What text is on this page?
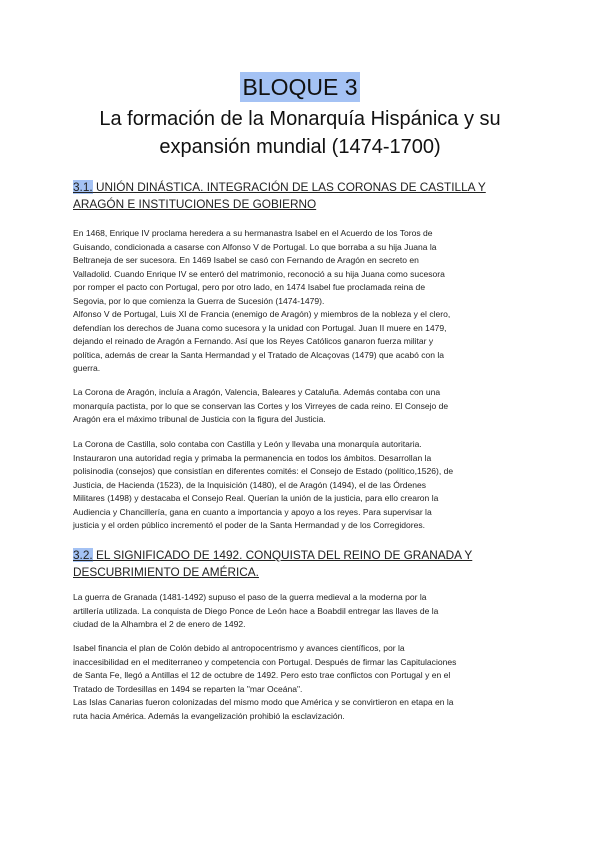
BLOQUE 3
La formación de la Monarquía Hispánica y su
expansión mundial (1474-1700)
3.1. UNIÓN DINÁSTICA. INTEGRACIÓN DE LAS CORONAS DE CASTILLA Y
ARAGÓN E INSTITUCIONES DE GOBIERNO

En 1468, Enrique IV proclama heredera a su hermanastra Isabel en el Acuerdo de los Toros de
Guisando, condicionada a casarse con Alfonso V de Portugal. Lo que borraba a su hija Juana la
Beltraneja de ser sucesora. En 1469 Isabel se casó con Fernando de Aragón en secreto en
Valladolid. Cuando Enrique IV se enteró del matrimonio, reconoció a su hija Juana como sucesora
por romper el pacto con Portugal, pero por otro lado, en 1474 Isabel fue proclamada reina de
Segovia, por lo que comienza la Guerra de Sucesión (1474-1479).
Alfonso V de Portugal, Luis XI de Francia (enemigo de Aragón) y miembros de la nobleza y el clero,
defendían los derechos de Juana como sucesora y la unidad con Portugal. Juan II muere en 1479,
dejando el reinado de Aragón a Fernando. Así que los Reyes Católicos ganaron fuerza militar y
política, además de crear la Santa Hermandad y el Tratado de Alcaçovas (1479) que acabó con la
guerra.

La Corona de Aragón, incluía a Aragón, Valencia, Baleares y Cataluña. Además contaba con una
monarquía pactista, por lo que se conservan las Cortes y los Virreyes de cada reino. El Consejo de
Aragón era el máximo tribunal de Justicia con la figura del Justicia.

La Corona de Castilla, solo contaba con Castilla y León y llevaba una monarquía autoritaria.
Instauraron una autoridad regia y primaba la permanencia en todos los ámbitos. Desarrollan la
polisinodia (consejos) que consistían en diferentes comités: el Consejo de Estado (político,1526), de
Justicia, de Hacienda (1523), de la Inquisición (1480), el de Aragón (1494), el de las Órdenes
Militares (1498) y destacaba el Consejo Real. Querían la unión de la justicia, para ello crearon la
Audiencia y Chancillería, gana en cuanto a importancia y apoyo a los reyes. Para supervisar la
justicia y el orden público incrementó el poder de la Santa Hermandad y de los Corregidores.

3.2. EL SIGNIFICADO DE 1492. CONQUISTA DEL REINO DE GRANADA Y
DESCUBRIMIENTO DE AMÉRICA.

La guerra de Granada (1481-1492) supuso el paso de la guerra medieval a la moderna por la
artillería utilizada. La conquista de Diego Ponce de León hace a Boabdil entregar las llaves de la
ciudad de la Alhambra el 2 de enero de 1492.

Isabel financia el plan de Colón debido al antropocentrismo y avances científicos, por la
inaccesibilidad en el mediterraneo y competencia con Portugal. Después de firmar las Capitulaciones
de Santa Fe, llegó a Antillas el 12 de octubre de 1492. Pero esto trae conflictos con Portugal y en el
Tratado de Tordesillas en 1494 se reparten la "mar Oceána".
Las Islas Canarias fueron colonizadas del mismo modo que América y se convirtieron en etapa en la
ruta hacia América. Además la evangelización prohibió la esclavización.
